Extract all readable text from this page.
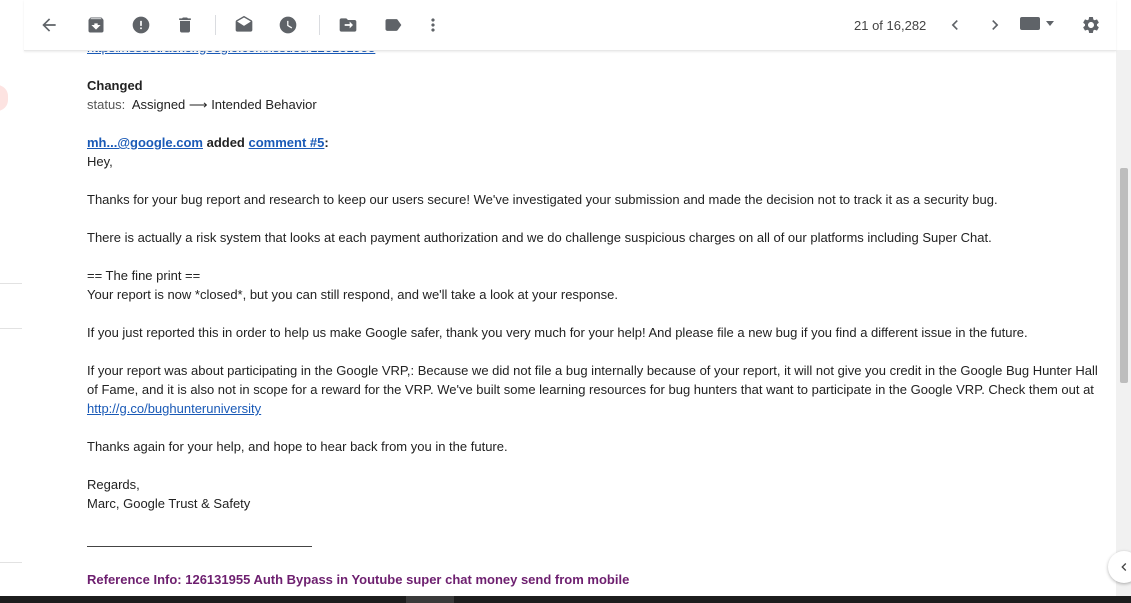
21 of 16,282
Changed
status: Assigned ⟶ Intended Behavior
mh...@google.com added comment #5:
Hey,
Thanks for your bug report and research to keep our users secure! We've investigated your submission and made the decision not to track it as a security bug.
There is actually a risk system that looks at each payment authorization and we do challenge suspicious charges on all of our platforms including Super Chat.
== The fine print ==
Your report is now *closed*, but you can still respond, and we'll take a look at your response.
If you just reported this in order to help us make Google safer, thank you very much for your help! And please file a new bug if you find a different issue in the future.
If your report was about participating in the Google VRP,: Because we did not file a bug internally because of your report, it will not give you credit in the Google Bug Hunter Hall
of Fame, and it is also not in scope for a reward for the VRP. We've built some learning resources for bug hunters that want to participate in the Google VRP. Check them out at
http://g.co/bughunteruniversity
Thanks again for your help, and hope to hear back from you in the future.
Regards,
Marc, Google Trust & Safety
Reference Info: 126131955 Auth Bypass in Youtube super chat money send from mobile
